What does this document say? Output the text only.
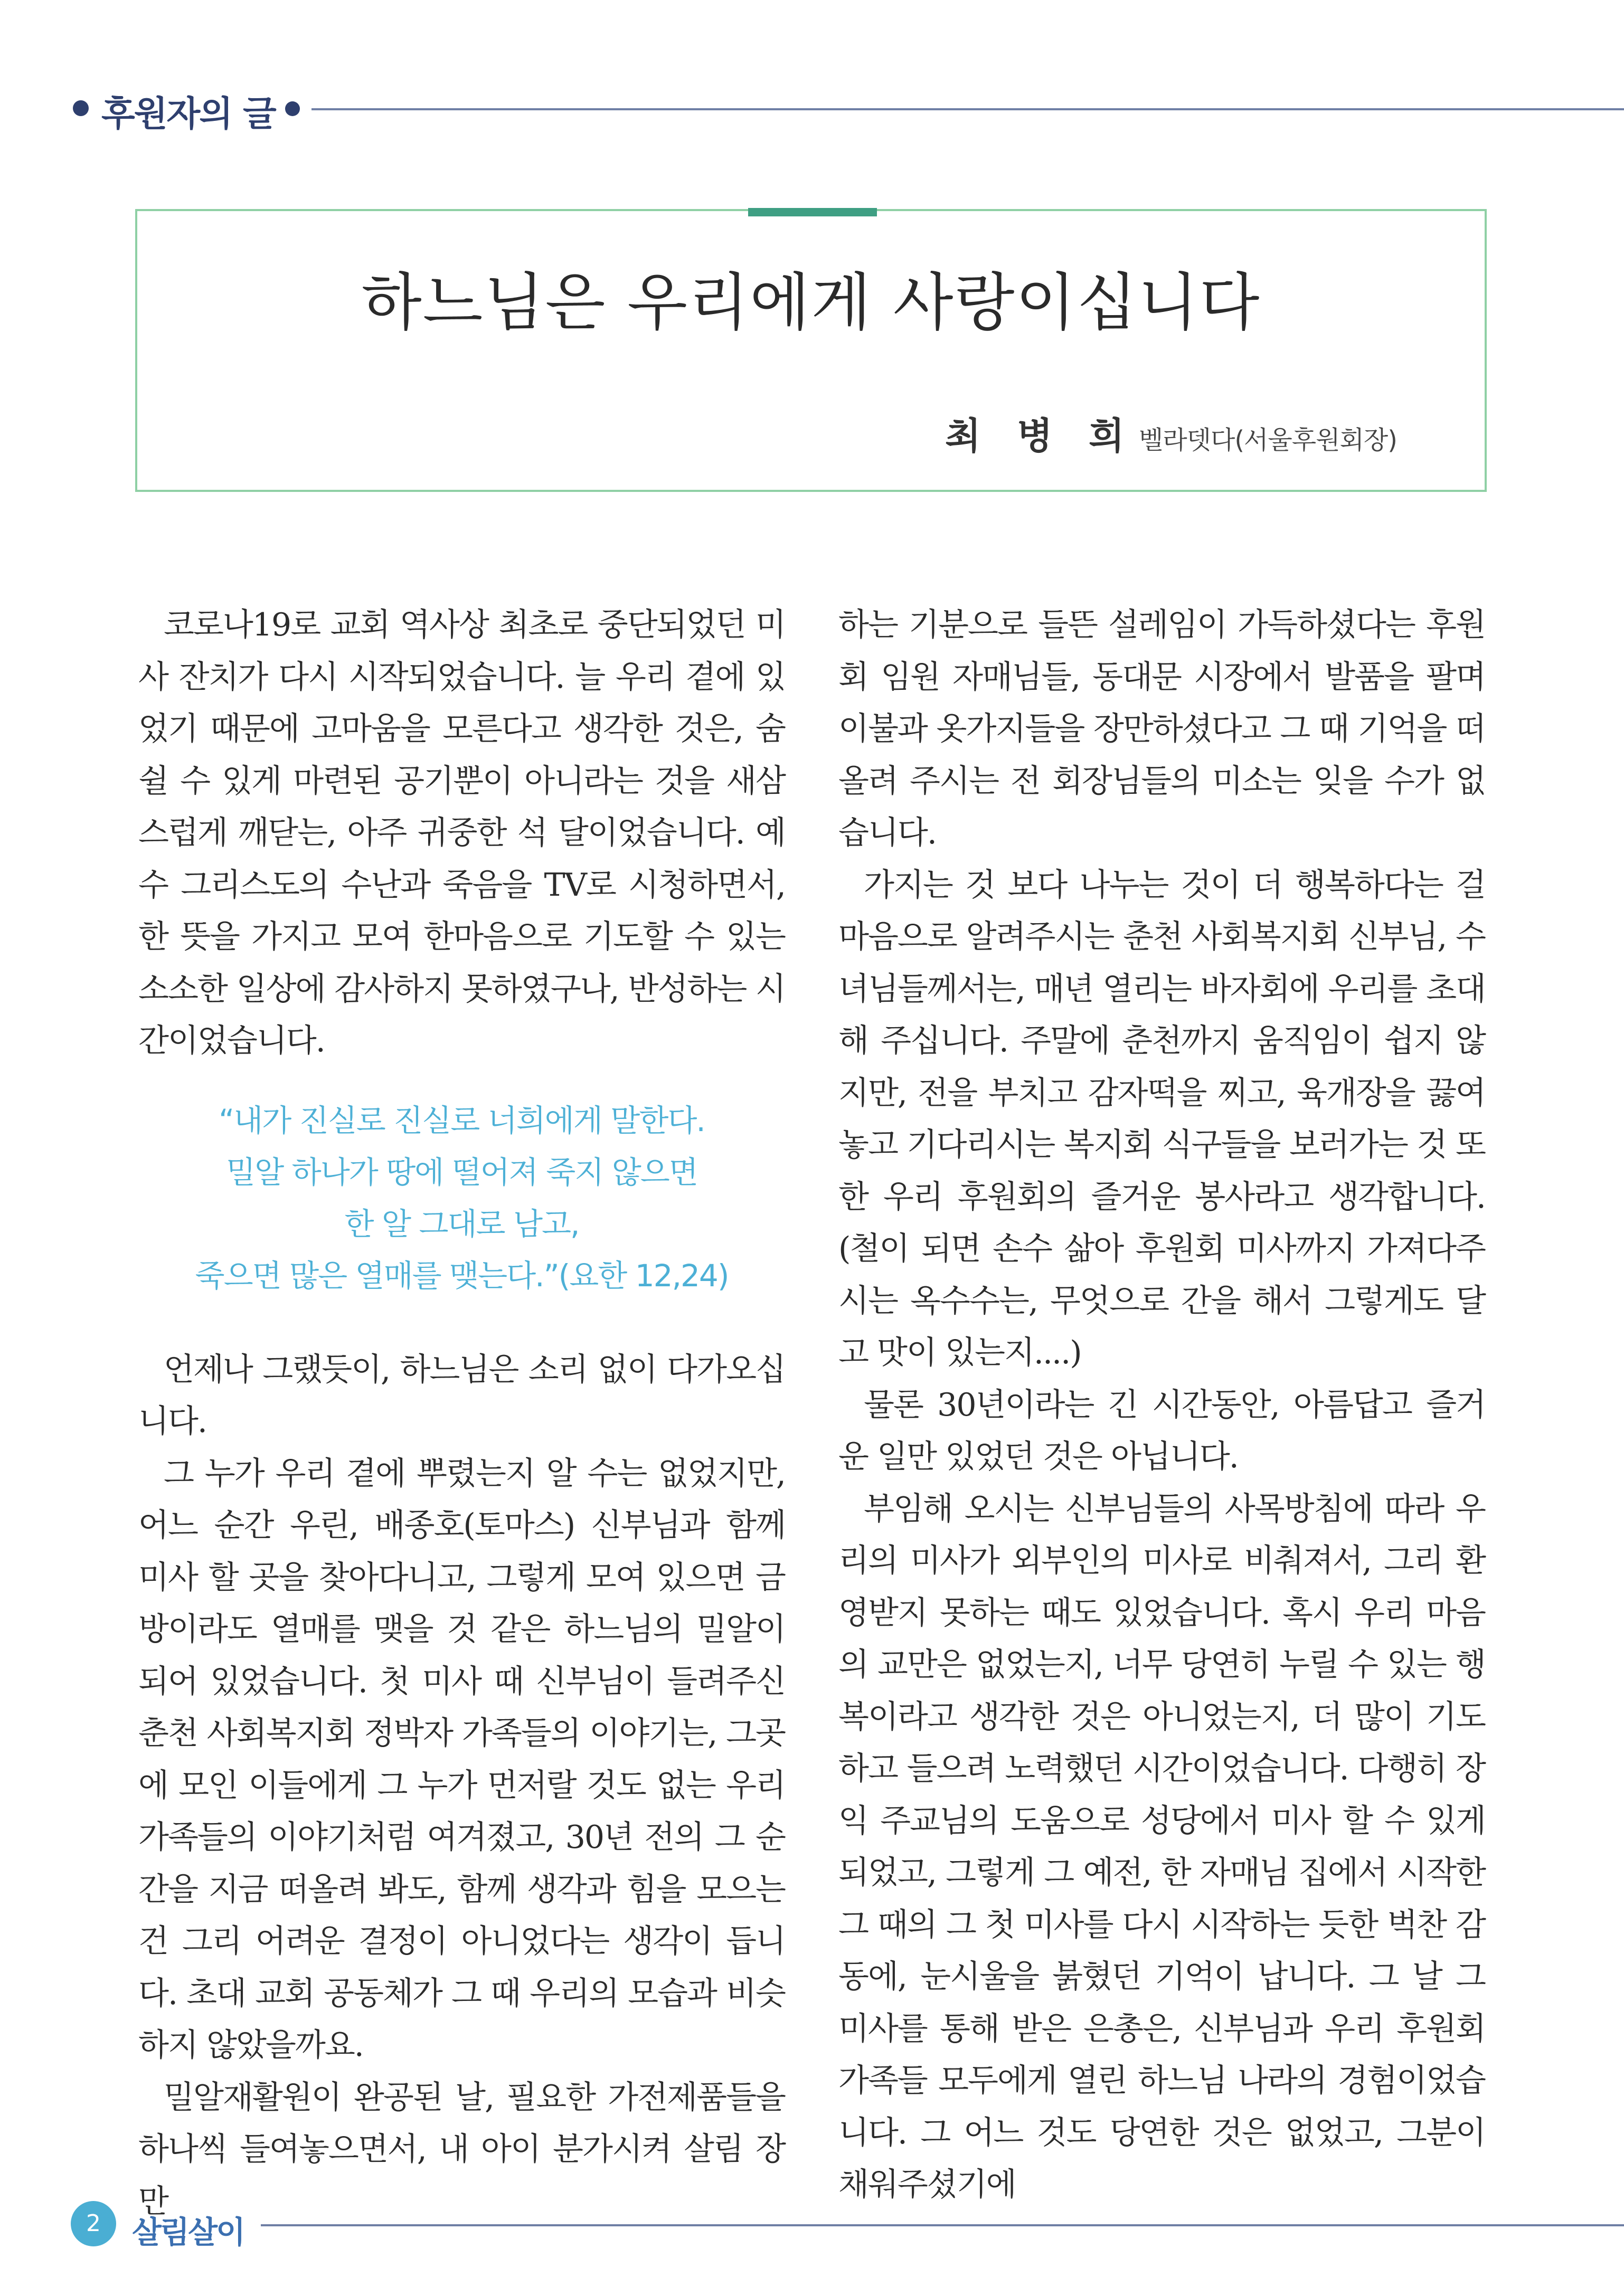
후원자의 글
하느님은 우리에게 사랑이십니다
최 병 희 벨라뎃다(서울후원회장)

코로나19로 교회 역사상 최초로 중단되었던 미사 잔치가 다시 시작되었습니다. 늘 우리 곁에 있었기 때문에 고마움을 모른다고 생각한 것은, 숨 쉴 수 있게 마련된 공기뿐이 아니라는 것을 새삼스럽게 깨닫는, 아주 귀중한 석 달이었습니다. 예수 그리스도의 수난과 죽음을 TV로 시청하면서, 한 뜻을 가지고 모여 한마음으로 기도할 수 있는 소소한 일상에 감사하지 못하였구나, 반성하는 시간이었습니다.

“내가 진실로 진실로 너희에게 말한다.
밀알 하나가 땅에 떨어져 죽지 않으면
한 알 그대로 남고,
죽으면 많은 열매를 맺는다.”(요한 12,24)

언제나 그랬듯이, 하느님은 소리 없이 다가오십니다.

그 누가 우리 곁에 뿌렸는지 알 수는 없었지만, 어느 순간 우린, 배종호(토마스) 신부님과 함께 미사 할 곳을 찾아다니고, 그렇게 모여 있으면 금방이라도 열매를 맺을 것 같은 하느님의 밀알이 되어 있었습니다. 첫 미사 때 신부님이 들려주신 춘천 사회복지회 정박자 가족들의 이야기는, 그곳에 모인 이들에게 그 누가 먼저랄 것도 없는 우리 가족들의 이야기처럼 여겨졌고, 30년 전의 그 순간을 지금 떠올려 봐도, 함께 생각과 힘을 모으는 건 그리 어려운 결정이 아니었다는 생각이 듭니다. 초대 교회 공동체가 그 때 우리의 모습과 비슷하지 않았을까요.

밀알재활원이 완공된 날, 필요한 가전제품들을 하나씩 들여놓으면서, 내 아이 분가시켜 살림 장만

하는 기분으로 들뜬 설레임이 가득하셨다는 후원회 임원 자매님들, 동대문 시장에서 발품을 팔며 이불과 옷가지들을 장만하셨다고 그 때 기억을 떠올려 주시는 전 회장님들의 미소는 잊을 수가 없습니다.

가지는 것 보다 나누는 것이 더 행복하다는 걸 마음으로 알려주시는 춘천 사회복지회 신부님, 수녀님들께서는, 매년 열리는 바자회에 우리를 초대해 주십니다. 주말에 춘천까지 움직임이 쉽지 않지만, 전을 부치고 감자떡을 찌고, 육개장을 끓여놓고 기다리시는 복지회 식구들을 보러가는 것 또한 우리 후원회의 즐거운 봉사라고 생각합니다. (철이 되면 손수 삶아 후원회 미사까지 가져다주시는 옥수수는, 무엇으로 간을 해서 그렇게도 달고 맛이 있는지....)

물론 30년이라는 긴 시간동안, 아름답고 즐거운 일만 있었던 것은 아닙니다.

부임해 오시는 신부님들의 사목방침에 따라 우리의 미사가 외부인의 미사로 비춰져서, 그리 환영받지 못하는 때도 있었습니다. 혹시 우리 마음의 교만은 없었는지, 너무 당연히 누릴 수 있는 행복이라고 생각한 것은 아니었는지, 더 많이 기도하고 들으려 노력했던 시간이었습니다. 다행히 장 익 주교님의 도움으로 성당에서 미사 할 수 있게 되었고, 그렇게 그 예전, 한 자매님 집에서 시작한 그 때의 그 첫 미사를 다시 시작하는 듯한 벅찬 감동에, 눈시울을 붉혔던 기억이 납니다. 그 날 그 미사를 통해 받은 은총은, 신부님과 우리 후원회 가족들 모두에게 열린 하느님 나라의 경험이었습니다. 그 어느 것도 당연한 것은 없었고, 그분이 채워주셨기에

2	살림살이
